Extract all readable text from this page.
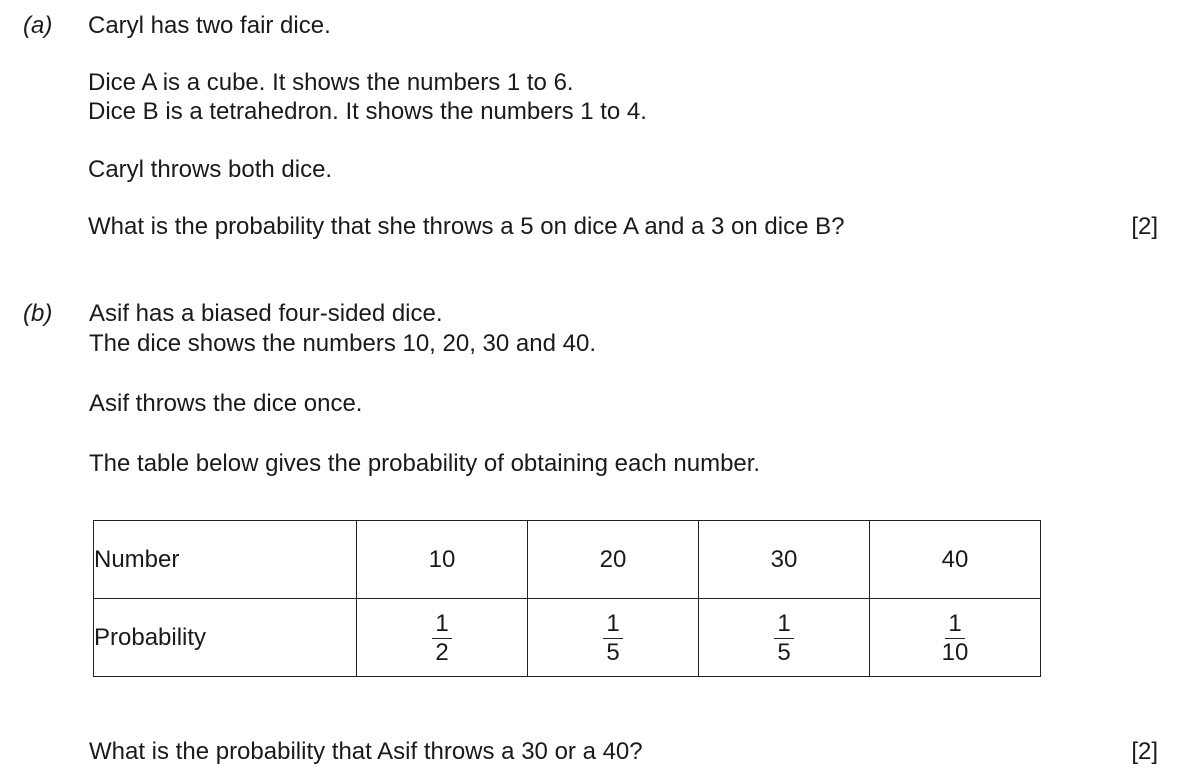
(a) Caryl has two fair dice.
Dice A is a cube. It shows the numbers 1 to 6.
Dice B is a tetrahedron. It shows the numbers 1 to 4.
Caryl throws both dice.
What is the probability that she throws a 5 on dice A and a 3 on dice B?	[2]
(b) Asif has a biased four-sided dice.
The dice shows the numbers 10, 20, 30 and 40.
Asif throws the dice once.
The table below gives the probability of obtaining each number.
Number	10	20	30	40
Probability	$\frac{1}{2}$	$\frac{1}{5}$	$\frac{1}{5}$	$\frac{1}{10}$
What is the probability that Asif throws a 30 or a 40?	[2]
